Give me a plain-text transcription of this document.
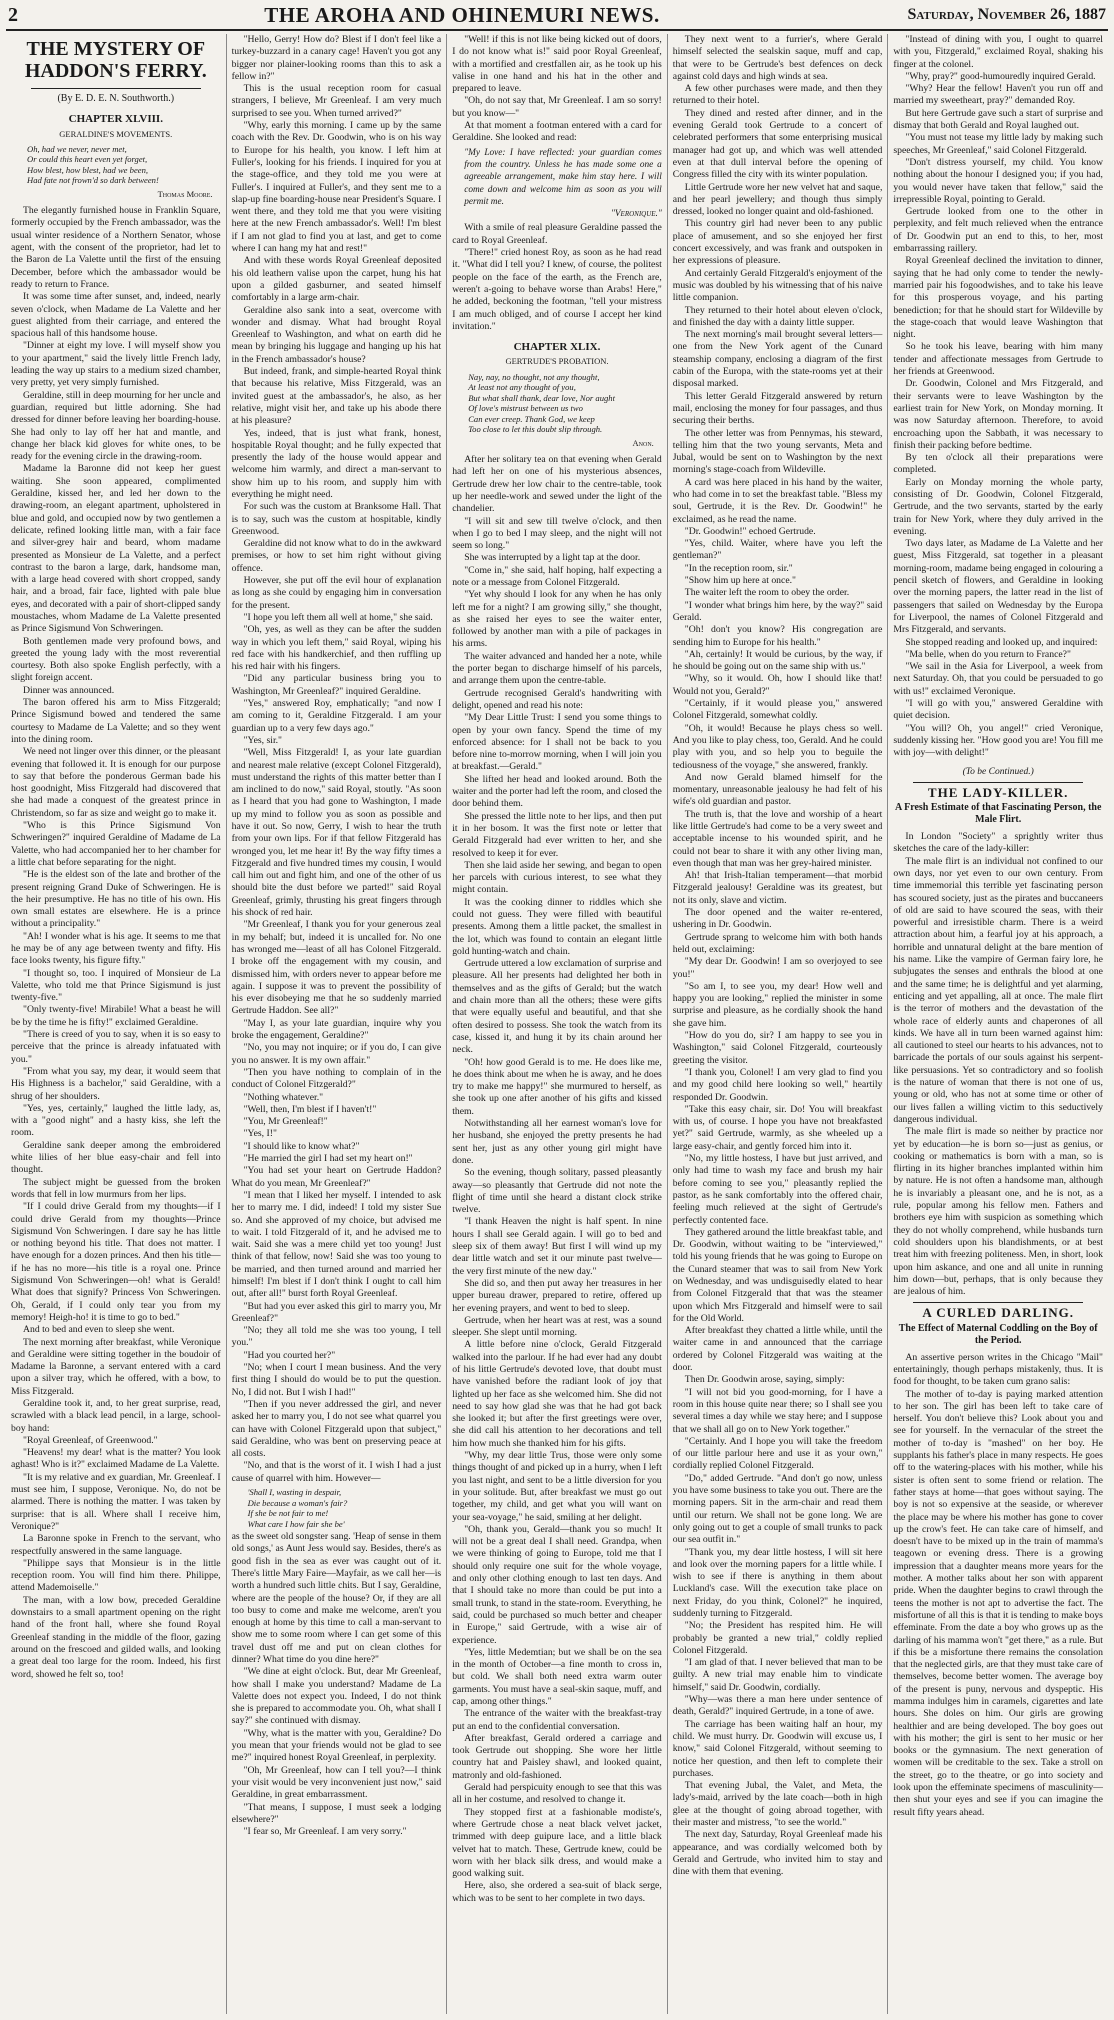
2	THE AROHA AND OHINEMURI NEWS.	Saturday, November 26, 1887
THE MYSTERY OF HADDON'S FERRY.
(By E. D. E. N. Southworth.)
CHAPTER XLVIII.
GERALDINE'S MOVEMENTS.
Oh, had we never, never met,
Or could this heart even yet forget,
How blest, how blest, had we been,
Had fate not frown'd so dark between!
Thomas Moore.

The elegantly furnished house in Franklin Square, formerly occupied by the French ambassador, was the usual winter residence of a Northern Senator, whose agent, with the consent of the proprietor, had let to the Baron de La Valette until the first of the ensuing December, before which the ambassador would be ready to return to France.

It was some time after sunset, and, indeed, nearly seven o'clock, when Madame de La Valette and her guest alighted from their carriage, and entered the spacious hall of this handsome house.

"Dinner at eight my love. I will myself show you to your apartment," said the lively little French lady, leading the way up stairs to a medium sized chamber, very pretty, yet very simply furnished.

Geraldine, still in deep mourning for her uncle and guardian, required but little adorning. She had dressed for dinner before leaving her boarding-house. She had only to lay off her hat and mantle, and change her black kid gloves for white ones, to be ready for the evening circle in the drawing-room.

Madame la Baronne did not keep her guest waiting. She soon appeared, complimented Geraldine, kissed her, and led her down to the drawing-room, an elegant apartment, upholstered in blue and gold, and occupied now by two gentlemen a delicate, refined looking little man, with a fair face and silver-grey hair and beard, whom madame presented as Monsieur de La Valette, and a perfect contrast to the baron a large, dark, handsome man, with a large head covered with short cropped, sandy hair, and a broad, fair face, lighted with pale blue eyes, and decorated with a pair of short-clipped sandy moustaches, whom Madame de La Valette presented as Prince Sigismund Von Schweringen.

Both gentlemen made very profound bows, and greeted the young lady with the most reverential courtesy. Both also spoke English perfectly, with a slight foreign accent.

Dinner was announced.

The baron offered his arm to Miss Fitzgerald; Prince Sigismund bowed and tendered the same courtesy to Madame de La Valette; and so they went into the dining room.

We need not linger over this dinner, or the pleasant evening that followed it. It is enough for our purpose to say that before the ponderous German bade his host goodnight, Miss Fitzgerald had discovered that she had made a conquest of the greatest prince in Christendom, so far as size and weight go to make it.

"Who is this Prince Sigismund Von Schweringen?" inquired Geraldine of Madame de La Valette, who had accompanied her to her chamber for a little chat before separating for the night.

"He is the eldest son of the late and brother of the present reigning Grand Duke of Schweringen. He is the heir presumptive. He has no title of his own. His own small estates are elsewhere. He is a prince without a principality."

"Ah! I wonder what is his age. It seems to me that he may be of any age between twenty and fifty. His face looks twenty, his figure fifty."

"I thought so, too. I inquired of Monsieur de La Valette, who told me that Prince Sigismund is just twenty-five."

"Only twenty-five! Mirabile! What a beast he will be by the time he is fifty!" exclaimed Geraldine.

"There is creed of you to say, when it is so easy to perceive that the prince is already infatuated with you."

"From what you say, my dear, it would seem that His Highness is a bachelor," said Geraldine, with a shrug of her shoulders.

"Yes, yes, certainly," laughed the little lady, as, with a "good night" and a hasty kiss, she left the room.

Geraldine sank deeper among the embroidered white lilies of her blue easy-chair and fell into thought.

The subject might be guessed from the broken words that fell in low murmurs from her lips.

"If I could drive Gerald from my thoughts—if I could drive Gerald from my thoughts—Prince Sigismund Von Schweringen. I dare say he has little or nothing beyond his title. That does not matter. I have enough for a dozen princes. And then his title—if he has no more—his title is a royal one. Prince Sigismund Von Schweringen—oh! what is Gerald! What does that signify? Princess Von Schweringen. Oh, Gerald, if I could only tear you from my memory! Heigh-ho! it is time to go to bed."

And to bed and even to sleep she went.

The next morning after breakfast, while Veronique and Geraldine were sitting together in the boudoir of Madame la Baronne, a servant entered with a card upon a silver tray, which he offered, with a bow, to Miss Fitzgerald.

Geraldine took it, and, to her great surprise, read, scrawled with a black lead pencil, in a large, school-boy hand:

"Royal Greenleaf, of Greenwood."

"Heavens! my dear! what is the matter? You look aghast! Who is it?" exclaimed Madame de La Valette.

"It is my relative and ex guardian, Mr. Greenleaf. I must see him, I suppose, Veronique. No, do not be alarmed. There is nothing the matter. I was taken by surprise: that is all. Where shall I receive him, Veronique?"

La Baronne spoke in French to the servant, who respectfully answered in the same language.

"Philippe says that Monsieur is in the little reception room. You will find him there. Philippe, attend Mademoiselle."

The man, with a low bow, preceded Geraldine downstairs to a small apartment opening on the right hand of the front hall, where she found Royal Greenleaf standing in the middle of the floor, gazing around on the frescoed and gilded walls, and looking a great deal too large for the room. Indeed, his first word, showed he felt so, too!

"Hello, Gerry! How do? Blest if I don't feel like a turkey-buzzard in a canary cage! Haven't you got any bigger nor plainer-looking rooms than this to ask a fellow in?"

This is the usual reception room for casual strangers, I believe, Mr Greenleaf. I am very much surprised to see you. When turned arrived?"

"Why, early this morning. I came up by the same coach with the Rev. Dr. Goodwin, who is on his way to Europe for his health, you know. I left him at Fuller's, looking for his friends. I inquired for you at the stage-office, and they told me you were at Fuller's. I inquired at Fuller's, and they sent me to a slap-up fine boarding-house near President's Square. I went there, and they told me that you were visiting here at the new French ambassador's. Well! I'm blest if I am not glad to find you at last, and get to come where I can hang my hat and rest!"

And with these words Royal Greenleaf deposited his old leathern valise upon the carpet, hung his hat upon a gilded gasburner, and seated himself comfortably in a large arm-chair.

Geraldine also sank into a seat, overcome with wonder and dismay. What had brought Royal Greenleaf to Washington, and what on earth did he mean by bringing his luggage and hanging up his hat in the French ambassador's house?

But indeed, frank, and simple-hearted Royal think that because his relative, Miss Fitzgerald, was an invited guest at the ambassador's, he also, as her relative, might visit her, and take up his abode there at his pleasure?

Yes, indeed, that is just what frank, honest, hospitable Royal thought; and he fully expected that presently the lady of the house would appear and welcome him warmly, and direct a man-servant to show him up to his room, and supply him with everything he might need.

For such was the custom at Branksome Hall. That is to say, such was the custom at hospitable, kindly Greenwood.

Geraldine did not know what to do in the awkward premises, or how to set him right without giving offence.

However, she put off the evil hour of explanation as long as she could by engaging him in conversation for the present.

"I hope you left them all well at home," she said.

"Oh, yes, as well as they can be after the sudden way in which you left them," said Royal, wiping his red face with his handkerchief, and then ruffling up his red hair with his fingers.

"Did any particular business bring you to Washington, Mr Greenleaf?" inquired Geraldine.

"Yes," answered Roy, emphatically; "and now I am coming to it, Geraldine Fitzgerald. I am your guardian up to a very few days ago."

"Yes, sir."

"Well, Miss Fitzgerald! I, as your late guardian and nearest male relative (except Colonel Fitzgerald), must understand the rights of this matter better than I am inclined to do now," said Royal, stoutly. "As soon as I heard that you had gone to Washington, I made up my mind to follow you as soon as possible and have it out. So now, Gerry, I wish to hear the truth from your own lips. For if that fellow Fitzgerald has wronged you, let me hear it! By the way fifty times a Fitzgerald and five hundred times my cousin, I would call him out and fight him, and one of the other of us should bite the dust before we parted!" said Royal Greenleaf, grimly, thrusting his great fingers through his shock of red hair.

"Mr Greenleaf, I thank you for your generous zeal in my behalf; but, indeed it is uncalled for. No one has wronged me—least of all has Colonel Fitzgerald. I broke off the engagement with my cousin, and dismissed him, with orders never to appear before me again. I suppose it was to prevent the possibility of his ever disobeying me that he so suddenly married Gertrude Haddon. See all?"

"May I, as your late guardian, inquire why you broke the engagement, Geraldine?"

"No, you may not inquire; or if you do, I can give you no answer. It is my own affair."

"Then you have nothing to complain of in the conduct of Colonel Fitzgerald?"

"Nothing whatever."

"Well, then, I'm blest if I haven't!"

"You, Mr Greenleaf!"

"Yes, I!"

"I should like to know what?"

"He married the girl I had set my heart on!"

"You had set your heart on Gertrude Haddon? What do you mean, Mr Greenleaf?"

"I mean that I liked her myself. I intended to ask her to marry me. I did, indeed! I told my sister Sue so. And she approved of my choice, but advised me to wait. I told Fitzgerald of it, and he advised me to wait. Said she was a mere child yet too young! Just think of that fellow, now! Said she was too young to be married, and then turned around and married her himself! I'm blest if I don't think I ought to call him out, after all!" burst forth Royal Greenleaf.

"But had you ever asked this girl to marry you, Mr Greenleaf?"

"No; they all told me she was too young, I tell you."

"Had you courted her?"

"No; when I court I mean business. And the very first thing I should do would be to put the question. No, I did not. But I wish I had!"

"Then if you never addressed the girl, and never asked her to marry you, I do not see what quarrel you can have with Colonel Fitzgerald upon that subject," said Geraldine, who was bent on preserving peace at all costs.

"No, and that is the worst of it. I wish I had a just cause of quarrel with him. However—

'Shall I, wasting in despair,
Die because a woman's fair?
If she be not fair to me!
What care I how fair she be'

as the sweet old songster sang. 'Heap of sense in them old songs,' as Aunt Jess would say. Besides, there's as good fish in the sea as ever was caught out of it. There's little Mary Faire—Mayfair, as we call her—is worth a hundred such little chits. But I say, Geraldine, where are the people of the house? Or, if they are all too busy to come and make me welcome, aren't you enough at home by this time to call a man-servant to show me to some room where I can get some of this travel dust off me and put on clean clothes for dinner? What time do you dine here?"

"We dine at eight o'clock. But, dear Mr Greenleaf, how shall I make you understand? Madame de La Valette does not expect you. Indeed, I do not think she is prepared to accommodate you. Oh, what shall I say?" she continued with dismay.

"Why, what is the matter with you, Geraldine? Do you mean that your friends would not be glad to see me?" inquired honest Royal Greenleaf, in perplexity.

"Oh, Mr Greenleaf, how can I tell you?—I think your visit would be very inconvenient just now," said Geraldine, in great embarrassment.

"That means, I suppose, I must seek a lodging elsewhere?"

"I fear so, Mr Greenleaf. I am very sorry."

"Well! if this is not like being kicked out of doors, I do not know what is!" said poor Royal Greenleaf, with a mortified and crestfallen air, as he took up his valise in one hand and his hat in the other and prepared to leave.

"Oh, do not say that, Mr Greenleaf. I am so sorry! but you know—"

At that moment a footman entered with a card for Geraldine. She looked and read:

"My Love: I have reflected: your guardian comes from the country. Unless he has made some one a agreeable arrangement, make him stay here. I will come down and welcome him as soon as you will permit me.
"Veronique."

With a smile of real pleasure Geraldine passed the card to Royal Greenleaf.

"There!" cried honest Roy, as soon as he had read it. "What did I tell you? I knew, of course, the politest people on the face of the earth, as the French are, weren't a-going to behave worse than Arabs! Here," he added, beckoning the footman, "tell your mistress I am much obliged, and of course I accept her kind invitation."

CHAPTER XLIX.
GERTRUDE'S PROBATION.
Nay, nay, no thought, not any thought,
At least not any thought of you,
But what shall thank, dear love, Nor aught
Of love's mistrust between us two
Can ever creep. Thank God, we keep
Too close to let this doubt slip through.
Anon.

After her solitary tea on that evening when Gerald had left her on one of his mysterious absences, Gertrude drew her low chair to the centre-table, took up her needle-work and sewed under the light of the chandelier.

"I will sit and sew till twelve o'clock, and then when I go to bed I may sleep, and the night will not seem so long."

She was interrupted by a light tap at the door.

"Come in," she said, half hoping, half expecting a note or a message from Colonel Fitzgerald.

"Yet why should I look for any when he has only left me for a night? I am growing silly," she thought, as she raised her eyes to see the waiter enter, followed by another man with a pile of packages in his arms.

The waiter advanced and handed her a note, while the porter began to discharge himself of his parcels, and arrange them upon the centre-table.

Gertrude recognised Gerald's handwriting with delight, opened and read his note:

"My Dear Little Trust: I send you some things to open by your own fancy. Spend the time of my enforced absence: for I shall not be back to you before nine to-morrow morning, when I will join you at breakfast.—Gerald."

She lifted her head and looked around. Both the waiter and the porter had left the room, and closed the door behind them.

She pressed the little note to her lips, and then put it in her bosom. It was the first note or letter that Gerald Fitzgerald had ever written to her, and she resolved to keep it for ever.

Then she laid aside her sewing, and began to open her parcels with curious interest, to see what they might contain.

It was the cooking dinner to riddles which she could not guess. They were filled with beautiful presents. Among them a little packet, the smallest in the lot, which was found to contain an elegant little gold hunting-watch and chain.

Gertrude uttered a low exclamation of surprise and pleasure. All her presents had delighted her both in themselves and as the gifts of Gerald; but the watch and chain more than all the others; these were gifts that were equally useful and beautiful, and that she often desired to possess. She took the watch from its case, kissed it, and hung it by its chain around her neck.

"Oh! how good Gerald is to me. He does like me, he does think about me when he is away, and he does try to make me happy!" she murmured to herself, as she took up one after another of his gifts and kissed them.

Notwithstanding all her earnest woman's love for her husband, she enjoyed the pretty presents he had sent her, just as any other young girl might have done.

So the evening, though solitary, passed pleasantly away—so pleasantly that Gertrude did not note the flight of time until she heard a distant clock strike twelve.

"I thank Heaven the night is half spent. In nine hours I shall see Gerald again. I will go to bed and sleep six of them away! But first I will wind up my dear little watch and set it our minute past twelve—the very first minute of the new day."

She did so, and then put away her treasures in her upper bureau drawer, prepared to retire, offered up her evening prayers, and went to bed to sleep.

Gertrude, when her heart was at rest, was a sound sleeper. She slept until morning.

A little before nine o'clock, Gerald Fitzgerald walked into the parlour. If he had ever had any doubt of his little Gertrude's devoted love, that doubt must have vanished before the radiant look of joy that lighted up her face as she welcomed him. She did not need to say how glad she was that he had got back she looked it; but after the first greetings were over, she did call his attention to her decorations and tell him how much she thanked him for his gifts.

"Why, my dear little Trus, those were only some things thought of and picked up in a hurry, when I left you last night, and sent to be a little diversion for you in your solitude. But, after breakfast we must go out together, my child, and get what you will want on your sea-voyage," he said, smiling at her delight.

"Oh, thank you, Gerald—thank you so much! It will not be a great deal I shall need. Grandpa, when we were thinking of going to Europe, told me that I should only require one suit for the whole voyage, and only other clothing enough to last ten days. And that I should take no more than could be put into a small trunk, to stand in the state-room. Everything, he said, could be purchased so much better and cheaper in Europe," said Gertrude, with a wise air of experience.

"Yes, little Medemtian; but we shall be on the sea in the month of October—a fine month to cross in, but cold. We shall both need extra warm outer garments. You must have a seal-skin saque, muff, and cap, among other things."

The entrance of the waiter with the breakfast-tray put an end to the confidential conversation.

After breakfast, Gerald ordered a carriage and took Gertrude out shopping. She wore her little country hat and Paisley shawl, and looked quaint, matronly and old-fashioned.

Gerald had perspicuity enough to see that this was all in her costume, and resolved to change it.

They stopped first at a fashionable modiste's, where Gertrude chose a neat black velvet jacket, trimmed with deep guipure lace, and a little black velvet hat to match. These, Gertrude knew, could be worn with her black silk dress, and would make a good walking suit.

Here, also, she ordered a sea-suit of black serge, which was to be sent to her complete in two days.

They next went to a furrier's, where Gerald himself selected the sealskin saque, muff and cap, that were to be Gertrude's best defences on deck against cold days and high winds at sea.

A few other purchases were made, and then they returned to their hotel.

They dined and rested after dinner, and in the evening Gerald took Gertrude to a concert of celebrated performers that some enterprising musical manager had got up, and which was well attended even at that dull interval before the opening of Congress filled the city with its winter population.

Little Gertrude wore her new velvet hat and saque, and her pearl jewellery; and though thus simply dressed, looked no longer quaint and old-fashioned.

This country girl had never been to any public place of amusement, and so she enjoyed her first concert excessively, and was frank and outspoken in her expressions of pleasure.

And certainly Gerald Fitzgerald's enjoyment of the music was doubled by his witnessing that of his naive little companion.

They returned to their hotel about eleven o'clock, and finished the day with a dainty little supper.

The next morning's mail brought several letters—one from the New York agent of the Cunard steamship company, enclosing a diagram of the first cabin of the Europa, with the state-rooms yet at their disposal marked.

This letter Gerald Fitzgerald answered by return mail, enclosing the money for four passages, and thus securing their berths.

The other letter was from Pennymas, his steward, telling him that the two young servants, Meta and Jubal, would be sent on to Washington by the next morning's stage-coach from Wildeville.

A card was here placed in his hand by the waiter, who had come in to set the breakfast table. "Bless my soul, Gertrude, it is the Rev. Dr. Goodwin!" he exclaimed, as he read the name.

"Dr. Goodwin!" echoed Gertrude.

"Yes, child. Waiter, where have you left the gentleman?"

"In the reception room, sir."

"Show him up here at once."

The waiter left the room to obey the order.

"I wonder what brings him here, by the way?" said Gerald.

"Oh! don't you know? His congregation are sending him to Europe for his health."

"Ah, certainly! It would be curious, by the way, if he should be going out on the same ship with us."

"Why, so it would. Oh, how I should like that! Would not you, Gerald?"

"Certainly, if it would please you," answered Colonel Fitzgerald, somewhat coldly.

"Oh, it would! Because he plays chess so well. And you like to play chess, too, Gerald. And he could play with you, and so help you to beguile the tediousness of the voyage," she answered, frankly.

And now Gerald blamed himself for the momentary, unreasonable jealousy he had felt of his wife's old guardian and pastor.

The truth is, that the love and worship of a heart like little Gertrude's had come to be a very sweet and acceptable incense to his wounded spirit, and he could not bear to share it with any other living man, even though that man was her grey-haired minister.

Ah! that Irish-Italian temperament—that morbid Fitzgerald jealousy! Geraldine was its greatest, but not its only, slave and victim.

The door opened and the waiter re-entered, ushering in Dr. Goodwin.

Gertrude sprang to welcome him with both hands held out, exclaiming:

"My dear Dr. Goodwin! I am so overjoyed to see you!"

"So am I, to see you, my dear! How well and happy you are looking," replied the minister in some surprise and pleasure, as he cordially shook the hand she gave him.

"How do you do, sir? I am happy to see you in Washington," said Colonel Fitzgerald, courteously greeting the visitor.

"I thank you, Colonel! I am very glad to find you and my good child here looking so well," heartily responded Dr. Goodwin.

"Take this easy chair, sir. Do! You will breakfast with us, of course. I hope you have not breakfasted yet?" said Gertrude, warmly, as she wheeled up a large easy-chair, and gently forced him into it.

"No, my little hostess, I have but just arrived, and only had time to wash my face and brush my hair before coming to see you," pleasantly replied the pastor, as he sank comfortably into the offered chair, feeling much relieved at the sight of Gertrude's perfectly contented face.

They gathered around the little breakfast table, and Dr. Goodwin, without waiting to be "interviewed," told his young friends that he was going to Europe on the Cunard steamer that was to sail from New York on Wednesday, and was undisguisedly elated to hear from Colonel Fitzgerald that that was the steamer upon which Mrs Fitzgerald and himself were to sail for the Old World.

After breakfast they chatted a little while, until the waiter came in and announced that the carriage ordered by Colonel Fitzgerald was waiting at the door.

Then Dr. Goodwin arose, saying, simply:

"I will not bid you good-morning, for I have a room in this house quite near there; so I shall see you several times a day while we stay here; and I suppose that we shall all go on to New York together."

"Certainly. And I hope you will take the freedom of our little parlour here and use it as your own," cordially replied Colonel Fitzgerald.

"Do," added Gertrude. "And don't go now, unless you have some business to take you out. There are the morning papers. Sit in the arm-chair and read them until our return. We shall not be gone long. We are only going out to get a couple of small trunks to pack our sea outfit in."

"Thank you, my dear little hostess, I will sit here and look over the morning papers for a little while. I wish to see if there is anything in them about Luckland's case. Will the execution take place on next Friday, do you think, Colonel?" he inquired, suddenly turning to Fitzgerald.

"No; the President has respited him. He will probably be granted a new trial," coldly replied Colonel Fitzgerald.

"I am glad of that. I never believed that man to be guilty. A new trial may enable him to vindicate himself," said Dr. Goodwin, cordially.

"Why—was there a man here under sentence of death, Gerald?" inquired Gertrude, in a tone of awe.

The carriage has been waiting half an hour, my child. We must hurry. Dr. Goodwin will excuse us, I know," said Colonel Fitzgerald, without seeming to notice her question, and then left to complete their purchases.

That evening Jubal, the Valet, and Meta, the lady's-maid, arrived by the late coach—both in high glee at the thought of going abroad together, with their master and mistress, "to see the world."

The next day, Saturday, Royal Greenleaf made his appearance, and was cordially welcomed both by Gerald and Gertrude, who invited him to stay and dine with them that evening.

"Instead of dining with you, I ought to quarrel with you, Fitzgerald," exclaimed Royal, shaking his finger at the colonel.

"Why, pray?" good-humouredly inquired Gerald.

"Why? Hear the fellow! Haven't you run off and married my sweetheart, pray?" demanded Roy.

But here Gertrude gave such a start of surprise and dismay that both Gerald and Royal laughed out.

"You must not tease my little lady by making such speeches, Mr Greenleaf," said Colonel Fitzgerald.

"Don't distress yourself, my child. You know nothing about the honour I designed you; if you had, you would never have taken that fellow," said the irrepressible Royal, pointing to Gerald.

Gertrude looked from one to the other in perplexity, and felt much relieved when the entrance of Dr. Goodwin put an end to this, to her, most embarrassing raillery.

Royal Greenleaf declined the invitation to dinner, saying that he had only come to tender the newly-married pair his fogoodwishes, and to take his leave for this prosperous voyage, and his parting benediction; for that he should start for Wildeville by the stage-coach that would leave Washington that night.

So he took his leave, bearing with him many tender and affectionate messages from Gertrude to her friends at Greenwood.

Dr. Goodwin, Colonel and Mrs Fitzgerald, and their servants were to leave Washington by the earliest train for New York, on Monday morning. It was now Saturday afternoon. Therefore, to avoid encroaching upon the Sabbath, it was necessary to finish their packing before bedtime.

By ten o'clock all their preparations were completed.

Early on Monday morning the whole party, consisting of Dr. Goodwin, Colonel Fitzgerald, Gertrude, and the two servants, started by the early train for New York, where they duly arrived in the evening.

Two days later, as Madame de La Valette and her guest, Miss Fitzgerald, sat together in a pleasant morning-room, madame being engaged in colouring a pencil sketch of flowers, and Geraldine in looking over the morning papers, the latter read in the list of passengers that sailed on Wednesday by the Europa for Liverpool, the names of Colonel Fitzgerald and Mrs Fitzgerald, and servants.

She stopped reading and looked up, and inquired:

"Ma belle, when do you return to France?"

"We sail in the Asia for Liverpool, a week from next Saturday. Oh, that you could be persuaded to go with us!" exclaimed Veronique.

"I will go with you," answered Geraldine with quiet decision.

"You will? Oh, you angel!" cried Veronique, suddenly kissing her. "How good you are! You fill me with joy—with delight!"

(To be Continued.)
THE LADY-KILLER.
A Fresh Estimate of that Fascinating Person, the Male Flirt.

In London "Society" a sprightly writer thus sketches the care of the lady-killer:

The male flirt is an individual not confined to our own days, nor yet even to our own century. From time immemorial this terrible yet fascinating person has scoured society, just as the pirates and buccaneers of old are said to have scoured the seas, with their powerful and irresistible charm. There is a weird attraction about him, a fearful joy at his approach, a horrible and unnatural delight at the bare mention of his name. Like the vampire of German fairy lore, he subjugates the senses and enthrals the blood at one and the same time; he is delightful and yet alarming, enticing and yet appalling, all at once. The male flirt is the terror of mothers and the devastation of the whole race of elderly aunts and chaperones of all kinds. We have all in turn been warned against him: all cautioned to steel our hearts to his advances, not to barricade the portals of our souls against his serpent-like persuasions. Yet so contradictory and so foolish is the nature of woman that there is not one of us, young or old, who has not at some time or other of our lives fallen a willing victim to this seductively dangerous individual.

The male flirt is made so neither by practice nor yet by education—he is born so—just as genius, or cooking or mathematics is born with a man, so is flirting in its higher branches implanted within him by nature. He is not often a handsome man, although he is invariably a pleasant one, and he is not, as a rule, popular among his fellow men. Fathers and brothers eye him with suspicion as something which they do not wholly comprehend, while husbands turn cold shoulders upon his blandishments, or at best treat him with freezing politeness. Men, in short, look upon him askance, and one and all unite in running him down—but, perhaps, that is only because they are jealous of him.

A CURLED DARLING.
The Effect of Maternal Coddling on the Boy of the Period.

An assertive person writes in the Chicago "Mail" entertainingly, though perhaps mistakenly, thus. It is food for thought, to be taken cum grano salis:

The mother of to-day is paying marked attention to her son. The girl has been left to take care of herself. You don't believe this? Look about you and see for yourself. In the vernacular of the street the mother of to-day is "mashed" on her boy. He supplants his father's place in many respects. He goes off to the watering-places with his mother, while his sister is often sent to some friend or relation. The father stays at home—that goes without saying. The boy is not so expensive at the seaside, or wherever the place may be where his mother has gone to cover up the crow's feet. He can take care of himself, and doesn't have to be mixed up in the train of mamma's teagown or evening dress. There is a growing impression that a daughter means more years for the mother. A mother talks about her son with apparent pride. When the daughter begins to crawl through the teens the mother is not apt to advertise the fact. The misfortune of all this is that it is tending to make boys effeminate. From the date a boy who grows up as the darling of his mamma won't "get there," as a rule. But if this be a misfortune there remains the consolation that the neglected girls, are that they must take care of themselves, become better women. The average boy of the present is puny, nervous and dyspeptic. His mamma indulges him in caramels, cigarettes and late hours. She doles on him. Our girls are growing healthier and are being developed. The boy goes out with his mother; the girl is sent to her music or her books or the gymnasium. The next generation of women will be creditable to the sex. Take a stroll on the street, go to the theatre, or go into society and look upon the effeminate specimens of masculinity—then shut your eyes and see if you can imagine the result fifty years ahead.
